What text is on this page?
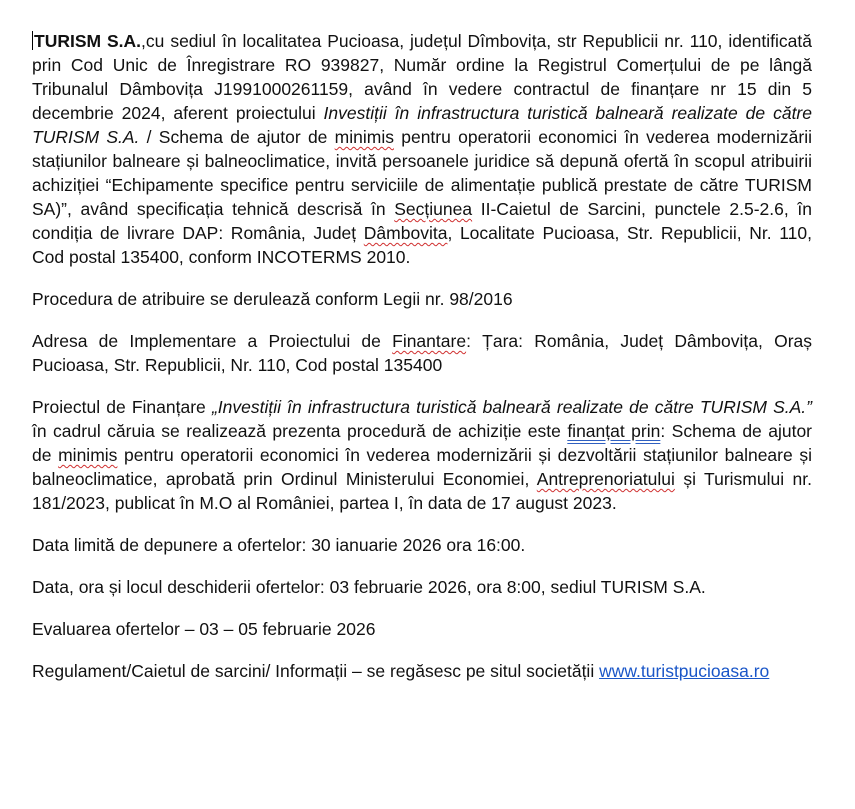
TURISM S.A.,cu sediul în localitatea Pucioasa, județul Dîmbovița, str Republicii nr. 110, identificată prin Cod Unic de Înregistrare RO 939827, Număr ordine la Registrul Comerțului de pe lângă Tribunalul Dâmbovița J1991000261159, având în vedere contractul de finanțare nr 15 din 5 decembrie 2024, aferent proiectului Investiții în infrastructura turistică balneară realizate de către TURISM S.A. / Schema de ajutor de minimis pentru operatorii economici în vederea modernizării stațiunilor balneare și balneoclimatice, invită persoanele juridice să depună ofertă în scopul atribuirii achiziției “Echipamente specifice pentru serviciile de alimentație publică prestate de către TURISM SA)”, având specificația tehnică descrisă în Secțiunea II-Caietul de Sarcini, punctele 2.5-2.6, în condiția de livrare DAP: România, Județ Dâmbovita, Localitate Pucioasa, Str. Republicii, Nr. 110, Cod postal 135400, conform INCOTERMS 2010.

Procedura de atribuire se derulează conform Legii nr. 98/2016

Adresa de Implementare a Proiectului de Finantare: Țara: România, Județ Dâmbovița, Oraș Pucioasa, Str. Republicii, Nr. 110, Cod postal 135400

Proiectul de Finanțare „Investiții în infrastructura turistică balneară realizate de către TURISM S.A.” în cadrul căruia se realizează prezenta procedură de achiziție este finanțat prin: Schema de ajutor de minimis pentru operatorii economici în vederea modernizării și dezvoltării stațiunilor balneare și balneoclimatice, aprobată prin Ordinul Ministerului Economiei, Antreprenoriatului și Turismului nr. 181/2023, publicat în M.O al României, partea I, în data de 17 august 2023.

Data limită de depunere a ofertelor: 30 ianuarie 2026 ora 16:00.

Data, ora și locul deschiderii ofertelor: 03 februarie 2026, ora 8:00, sediul TURISM S.A.

Evaluarea ofertelor – 03 – 05 februarie 2026

Regulament/Caietul de sarcini/ Informații – se regăsesc pe situl societății www.turistpucioasa.ro
